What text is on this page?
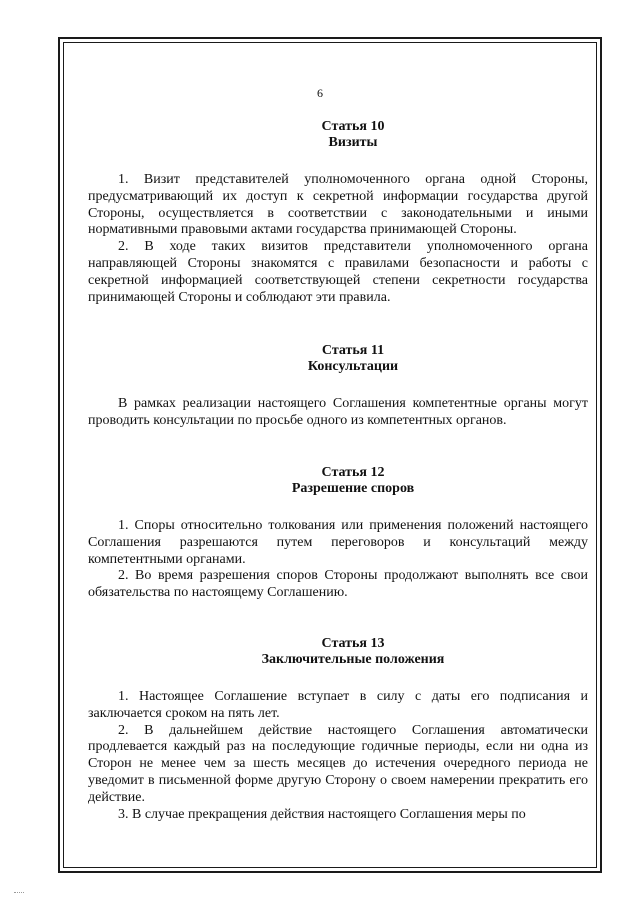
6
Статья 10
Визиты

1. Визит представителей уполномоченного органа одной Стороны, предусматривающий их доступ к секретной информации государства другой Стороны, осуществляется в соответствии с законодательными и иными нормативными правовыми актами государства принимающей Стороны.

2. В ходе таких визитов представители уполномоченного органа направляющей Стороны знакомятся с правилами безопасности и работы с секретной информацией соответствующей степени секретности государства принимающей Стороны и соблюдают эти правила.

Статья 11
Консультации

В рамках реализации настоящего Соглашения компетентные органы могут проводить консультации по просьбе одного из компетентных органов.

Статья 12
Разрешение споров

1. Споры относительно толкования или применения положений настоящего Соглашения разрешаются путем переговоров и консультаций между компетентными органами.

2. Во время разрешения споров Стороны продолжают выполнять все свои обязательства по настоящему Соглашению.

Статья 13
Заключительные положения

1. Настоящее Соглашение вступает в силу с даты его подписания и заключается сроком на пять лет.

2. В дальнейшем действие настоящего Соглашения автоматически продлевается каждый раз на последующие годичные периоды, если ни одна из Сторон не менее чем за шесть месяцев до истечения очередного периода не уведомит в письменной форме другую Сторону о своем намерении прекратить его действие.

3. В случае прекращения действия настоящего Соглашения меры по
